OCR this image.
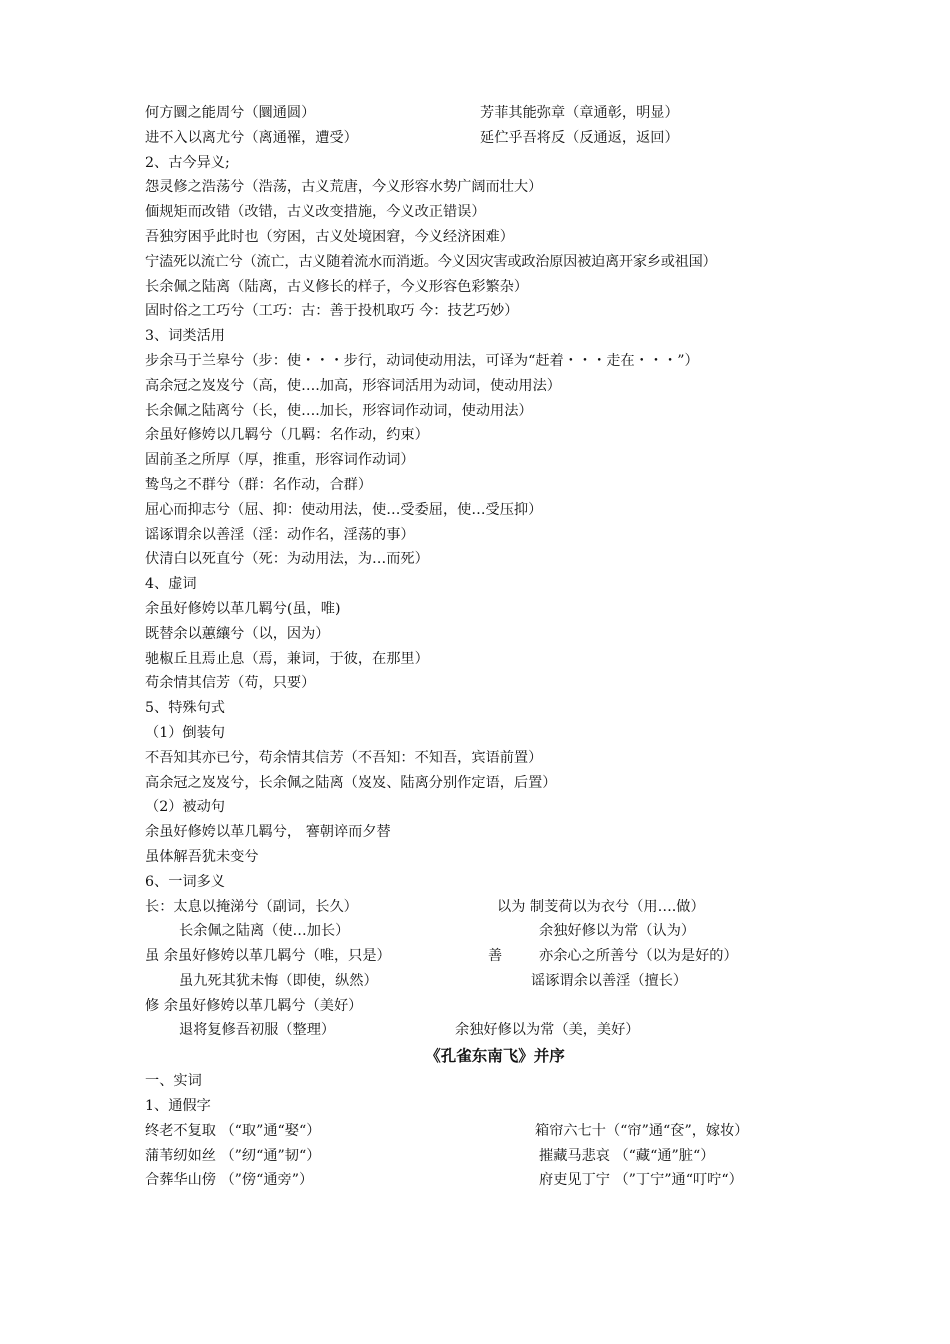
何方圜之能周兮（圜通圆）	芳菲其能弥章（章通彰，明显）
进不入以离尤兮（离通罹，遭受）	延伫乎吾将反（反通返，返回）
2、古今异义;
怨灵修之浩荡兮（浩荡，古义荒唐，今义形容水势广阔而壮大）
偭规矩而改错（改错，古义改变措施，今义改正错误）
吾独穷困乎此时也（穷困，古义处境困窘，今义经济困难）
宁溘死以流亡兮（流亡，古义随着流水而消逝。今义因灾害或政治原因被迫离开家乡或祖国）
长余佩之陆离（陆离，古义修长的样子，今义形容色彩繁杂）
固时俗之工巧兮（工巧：古：善于投机取巧 今：技艺巧妙）
3、词类活用
步余马于兰皋兮（步：使・・・步行，动词使动用法，可译为“赶着・・・走在・・・”）
高余冠之岌岌兮（高，使….加高，形容词活用为动词，使动用法）
长余佩之陆离兮（长，使….加长，形容词作动词，使动用法）
余虽好修姱以几羁兮（几羁：名作动，约束）
固前圣之所厚（厚，推重，形容词作动词）
鸷鸟之不群兮（群：名作动，合群）
屈心而抑志兮（屈、抑：使动用法，使…受委屈，使…受压抑）
谣诼谓余以善淫（淫：动作名，淫荡的事）
伏清白以死直兮（死：为动用法，为…而死）
4、虚词
余虽好修姱以革几羁兮(虽，唯)
既替余以蕙纕兮（以，因为）
驰椒丘且焉止息（焉，兼词，于彼，在那里）
苟余情其信芳（苟，只要）
5、特殊句式
（1）倒装句
不吾知其亦已兮，苟余情其信芳（不吾知：不知吾，宾语前置）
高余冠之岌岌兮，长余佩之陆离（岌岌、陆离分别作定语，后置）
（2）被动句
余虽好修姱以革几羁兮， 謇朝谇而夕替
虽体解吾犹未变兮
6、一词多义
长：太息以掩涕兮（副词，长久）	以为 制芰荷以为衣兮（用….做）
长余佩之陆离（使…加长）	余独好修以为常（认为）
虽 余虽好修姱以革几羁兮（唯，只是）	善	亦余心之所善兮（以为是好的）
虽九死其犹未悔（即使，纵然）	谣诼谓余以善淫（擅长）
修 余虽好修姱以革几羁兮（美好）
退将复修吾初服（整理）	余独好修以为常（美，美好）
《孔雀东南飞》并序
一、实词
1、通假字
终老不复取 （“取”通“娶“）	箱帘六七十（“帘”通“奁”，嫁妆）
蒲苇纫如丝 （”纫“通”韧“）	摧藏马悲哀 （“藏“通”脏“）
合葬华山傍 （”傍“通旁”）	府吏见丁宁 （”丁宁”通“叮咛“）
